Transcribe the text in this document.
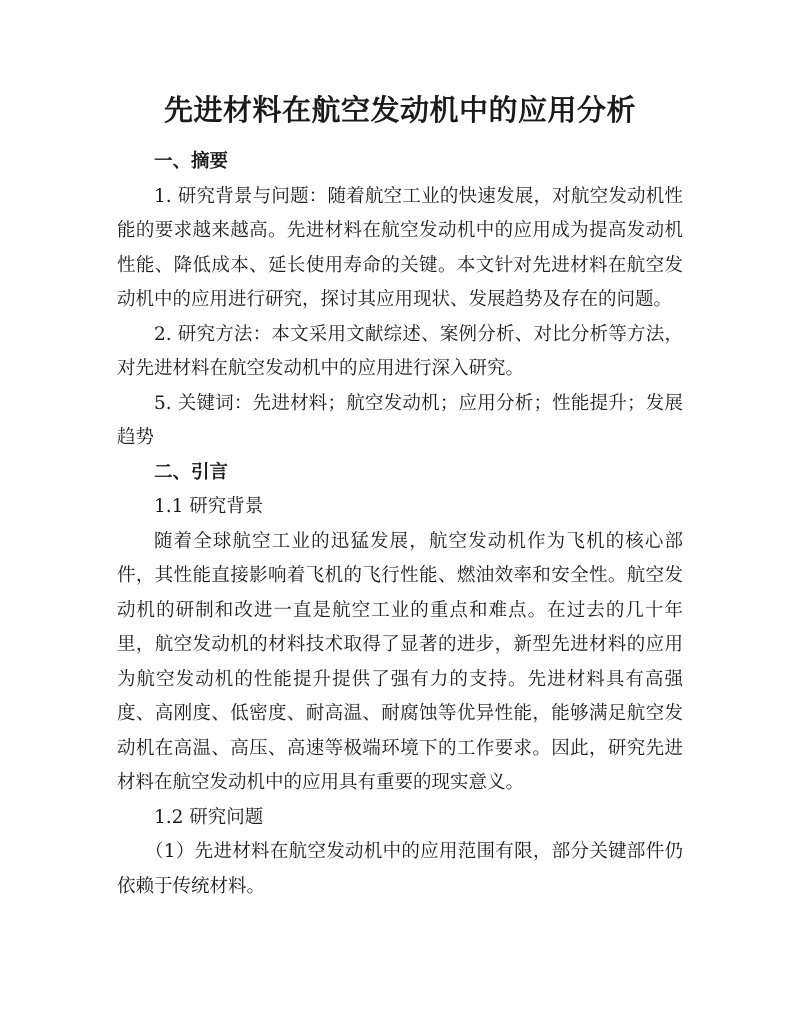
先进材料在航空发动机中的应用分析

一、摘要

1. 研究背景与问题：随着航空工业的快速发展，对航空发动机性能的要求越来越高。先进材料在航空发动机中的应用成为提高发动机性能、降低成本、延长使用寿命的关键。本文针对先进材料在航空发动机中的应用进行研究，探讨其应用现状、发展趋势及存在的问题。

2. 研究方法：本文采用文献综述、案例分析、对比分析等方法，对先进材料在航空发动机中的应用进行深入研究。

5. 关键词：先进材料；航空发动机；应用分析；性能提升；发展趋势

二、引言

1.1 研究背景

随着全球航空工业的迅猛发展，航空发动机作为飞机的核心部件，其性能直接影响着飞机的飞行性能、燃油效率和安全性。航空发动机的研制和改进一直是航空工业的重点和难点。在过去的几十年里，航空发动机的材料技术取得了显著的进步，新型先进材料的应用为航空发动机的性能提升提供了强有力的支持。先进材料具有高强度、高刚度、低密度、耐高温、耐腐蚀等优异性能，能够满足航空发动机在高温、高压、高速等极端环境下的工作要求。因此，研究先进材料在航空发动机中的应用具有重要的现实意义。

1.2 研究问题

（1）先进材料在航空发动机中的应用范围有限，部分关键部件仍依赖于传统材料。
